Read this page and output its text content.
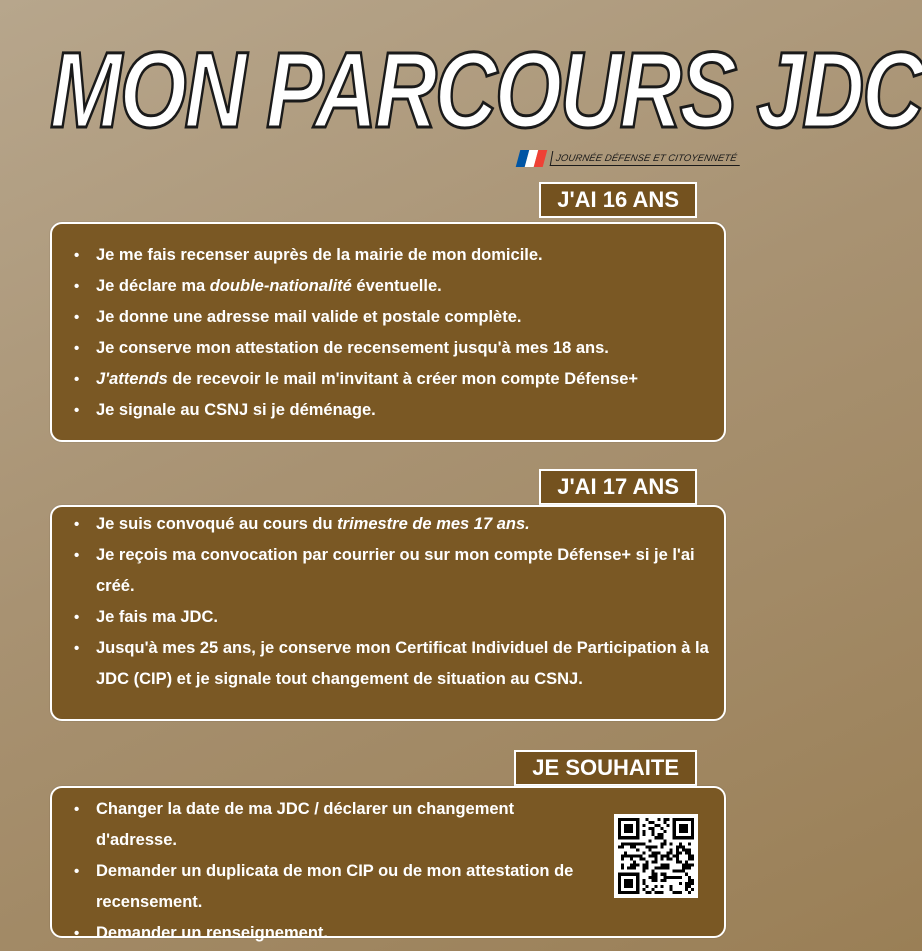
MON PARCOURS JDC
JOURNÉE DÉFENSE ET CITOYENNETÉ
J'AI 16 ANS
• Je me fais recenser auprès de la mairie de mon domicile.
• Je déclare ma double-nationalité éventuelle.
• Je donne une adresse mail valide et postale complète.
• Je conserve mon attestation de recensement jusqu'à mes 18 ans.
• J'attends de recevoir le mail m'invitant à créer mon compte Défense+
• Je signale au CSNJ si je déménage.
J'AI 17 ANS
• Je suis convoqué au cours du trimestre de mes 17 ans.
• Je reçois ma convocation par courrier ou sur mon compte Défense+ si je l'ai créé.
• Je fais ma JDC.
• Jusqu'à mes 25 ans, je conserve mon Certificat Individuel de Participation à la JDC (CIP) et je signale tout changement de situation au CSNJ.
JE SOUHAITE
• Changer la date de ma JDC / déclarer un changement d'adresse.
• Demander un duplicata de mon CIP ou de mon attestation de recensement.
• Demander un renseignement.
